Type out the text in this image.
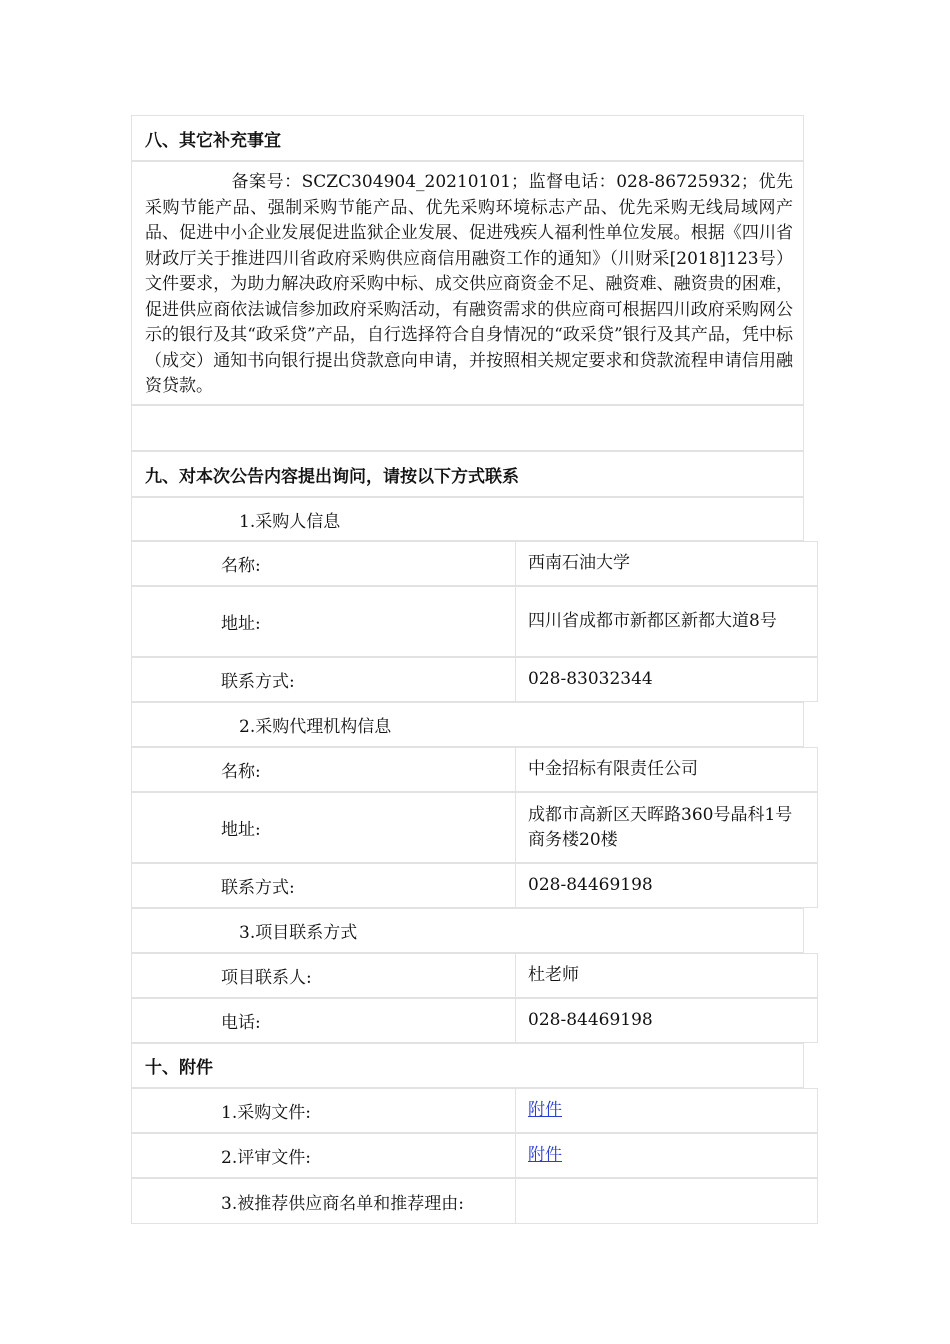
八、其它补充事宜
备案号：SCZC304904_20210101；监督电话：028-86725932；优先采购节能产品、强制采购节能产品、优先采购环境标志产品、优先采购无线局域网产品、促进中小企业发展促进监狱企业发展、促进残疾人福利性单位发展。根据《四川省财政厅关于推进四川省政府采购供应商信用融资工作的通知》（川财采[2018]123号）文件要求，为助力解决政府采购中标、成交供应商资金不足、融资难、融资贵的困难，促进供应商依法诚信参加政府采购活动，有融资需求的供应商可根据四川政府采购网公示的银行及其“政采贷”产品，自行选择符合自身情况的“政采贷”银行及其产品，凭中标（成交）通知书向银行提出贷款意向申请，并按照相关规定要求和贷款流程申请信用融资贷款。
九、对本次公告内容提出询问，请按以下方式联系
1.采购人信息
名称:	西南石油大学
地址:	四川省成都市新都区新都大道8号
联系方式:	028-83032344
2.采购代理机构信息
名称:	中金招标有限责任公司
地址:
成都市高新区天晖路360号晶科1号商务楼20楼
联系方式:	028-84469198
3.项目联系方式
项目联系人:	杜老师
电话:	028-84469198
十、附件
1.采购文件:	附件
2.评审文件:	附件
3.被推荐供应商名单和推荐理由:
